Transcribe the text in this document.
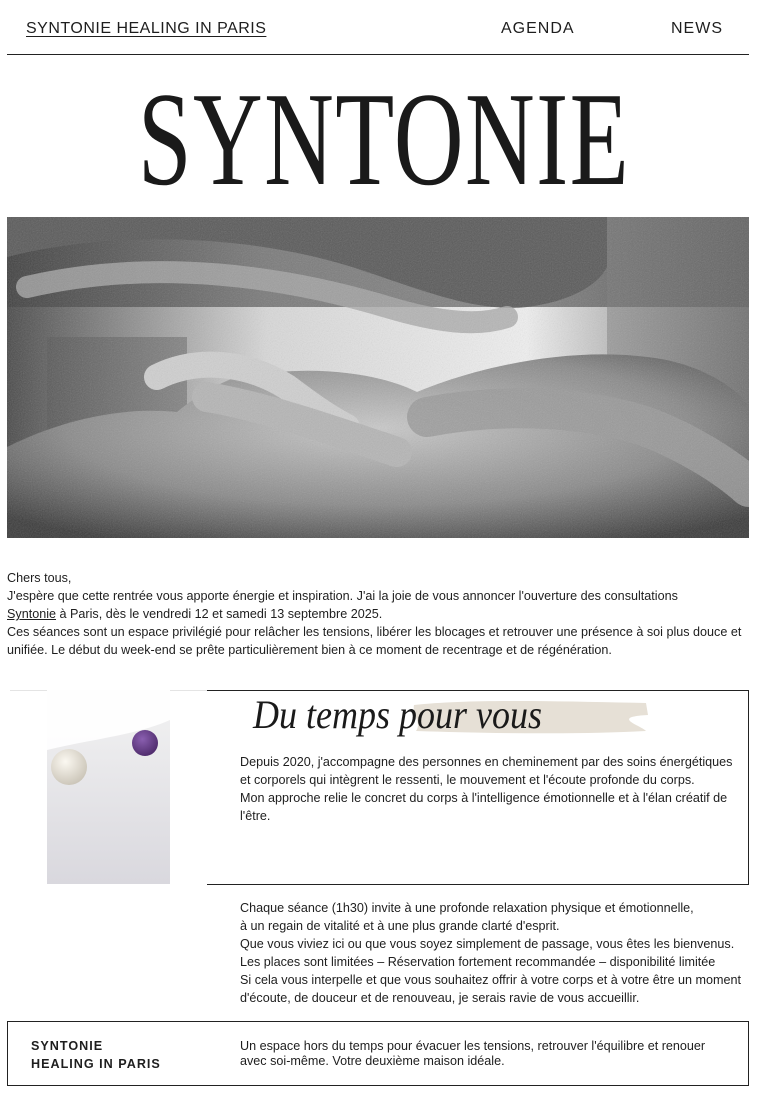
SYNTONIE HEALING IN PARIS	AGENDA	NEWS
SYNTONIE

Chers tous,

J'espère que cette rentrée vous apporte énergie et inspiration. J'ai la joie de vous annoncer l'ouverture des consultations
Syntonie à Paris, dès le vendredi 12 et samedi 13 septembre 2025.

Ces séances sont un espace privilégié pour relâcher les tensions, libérer les blocages et retrouver une présence à soi plus douce et unifiée. Le début du week-end se prête particulièrement bien à ce moment de recentrage et de régénération.

Du temps pour vous

Depuis 2020, j'accompagne des personnes en cheminement par des soins énergétiques et corporels qui intègrent le ressenti, le mouvement et l'écoute profonde du corps.

Mon approche relie le concret du corps à l'intelligence émotionnelle et à l'élan créatif de l'être.

Chaque séance (1h30) invite à une profonde relaxation physique et émotionnelle,

à un regain de vitalité et à une plus grande clarté d'esprit.

Que vous viviez ici ou que vous soyez simplement de passage, vous êtes les bienvenus.

Les places sont limitées – Réservation fortement recommandée – disponibilité limitée

Si cela vous interpelle et que vous souhaitez offrir à votre corps et à votre être un moment d'écoute, de douceur et de renouveau, je serais ravie de vous accueillir.

SYNTONIE
HEALING IN PARIS
Un espace hors du temps pour évacuer les tensions, retrouver l'équilibre et renouer avec soi-même. Votre deuxième maison idéale.
